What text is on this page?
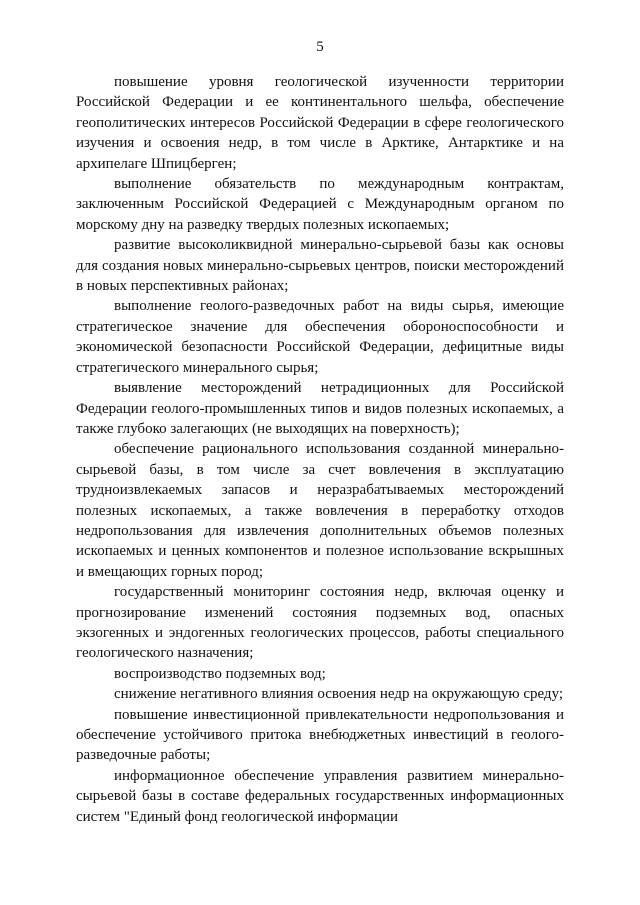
5

повышение уровня геологической изученности территории Российской Федерации и ее континентального шельфа, обеспечение геополитических интересов Российской Федерации в сфере геологического изучения и освоения недр, в том числе в Арктике, Антарктике и на архипелаге Шпицберген;

выполнение обязательств по международным контрактам, заключенным Российской Федерацией с Международным органом по морскому дну на разведку твердых полезных ископаемых;

развитие высоколиквидной минерально-сырьевой базы как основы для создания новых минерально-сырьевых центров, поиски месторождений в новых перспективных районах;

выполнение геолого-разведочных работ на виды сырья, имеющие стратегическое значение для обеспечения обороноспособности и экономической безопасности Российской Федерации, дефицитные виды стратегического минерального сырья;

выявление месторождений нетрадиционных для Российской Федерации геолого-промышленных типов и видов полезных ископаемых, а также глубоко залегающих (не выходящих на поверхность);

обеспечение рационального использования созданной минерально-сырьевой базы, в том числе за счет вовлечения в эксплуатацию трудноизвлекаемых запасов и неразрабатываемых месторождений полезных ископаемых, а также вовлечения в переработку отходов недропользования для извлечения дополнительных объемов полезных ископаемых и ценных компонентов и полезное использование вскрышных и вмещающих горных пород;

государственный мониторинг состояния недр, включая оценку и прогнозирование изменений состояния подземных вод, опасных экзогенных и эндогенных геологических процессов, работы специального геологического назначения;

воспроизводство подземных вод;

снижение негативного влияния освоения недр на окружающую среду;

повышение инвестиционной привлекательности недропользования и обеспечение устойчивого притока внебюджетных инвестиций в геолого-разведочные работы;

информационное обеспечение управления развитием минерально-сырьевой базы в составе федеральных государственных информационных систем "Единый фонд геологической информации
